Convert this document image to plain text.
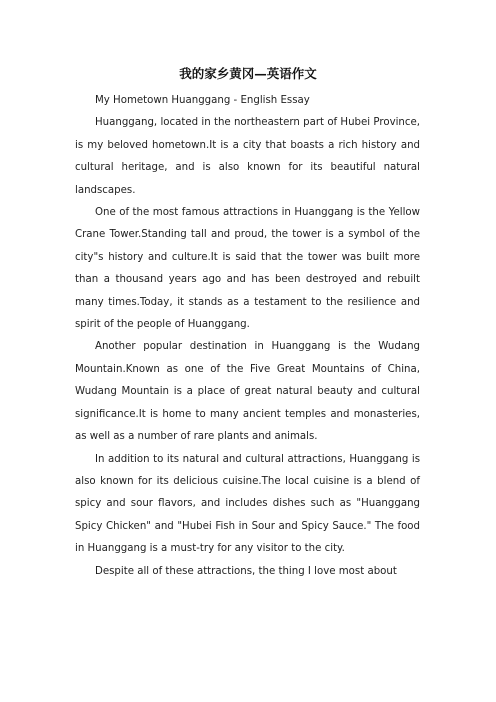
我的家乡黄冈—英语作文

My Hometown Huanggang - English Essay

Huanggang, located in the northeastern part of Hubei Province, is my beloved hometown.It is a city that boasts a rich history and cultural heritage, and is also known for its beautiful natural landscapes.

One of the most famous attractions in Huanggang is the Yellow Crane Tower.Standing tall and proud, the tower is a symbol of the city"s history and culture.It is said that the tower was built more than a thousand years ago and has been destroyed and rebuilt many times.Today, it stands as a testament to the resilience and spirit of the people of Huanggang.

Another popular destination in Huanggang is the Wudang Mountain.Known as one of the Five Great Mountains of China, Wudang Mountain is a place of great natural beauty and cultural significance.It is home to many ancient temples and monasteries, as well as a number of rare plants and animals.

In addition to its natural and cultural attractions, Huanggang is also known for its delicious cuisine.The local cuisine is a blend of spicy and sour flavors, and includes dishes such as "Huanggang Spicy Chicken" and "Hubei Fish in Sour and Spicy Sauce." The food in Huanggang is a must-try for any visitor to the city.

Despite all of these attractions, the thing I love most about
